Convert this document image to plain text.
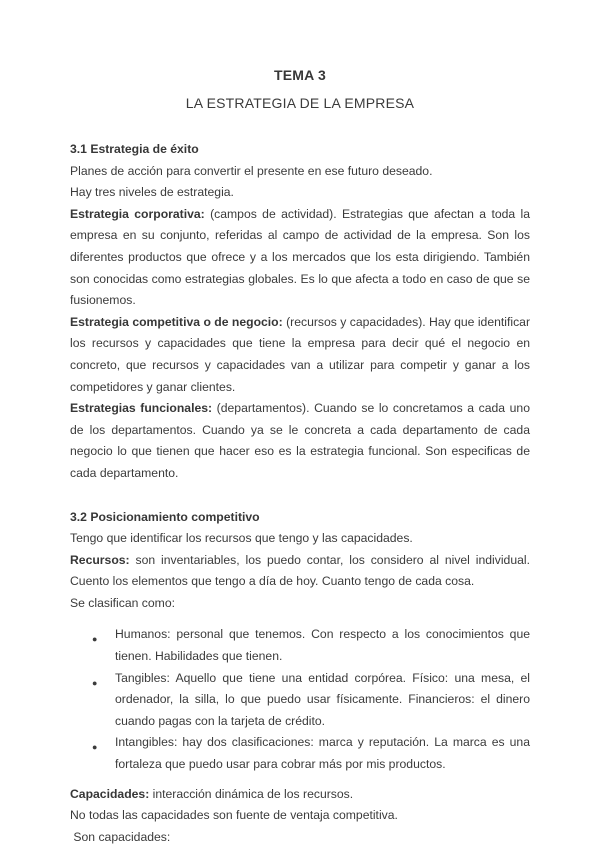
TEMA 3
LA ESTRATEGIA DE LA EMPRESA
3.1 Estrategia de éxito

Planes de acción para convertir el presente en ese futuro deseado.

Hay tres niveles de estrategia.

Estrategia corporativa: (campos de actividad). Estrategias que afectan a toda la empresa en su conjunto, referidas al campo de actividad de la empresa. Son los diferentes productos que ofrece y a los mercados que los esta dirigiendo. También son conocidas como estrategias globales. Es lo que afecta a todo en caso de que se fusionemos.

Estrategia competitiva o de negocio: (recursos y capacidades). Hay que identificar los recursos y capacidades que tiene la empresa para decir qué el negocio en concreto, que recursos y capacidades van a utilizar para competir y ganar a los competidores y ganar clientes.

Estrategias funcionales: (departamentos). Cuando se lo concretamos a cada uno de los departamentos. Cuando ya se le concreta a cada departamento de cada negocio lo que tienen que hacer eso es la estrategia funcional. Son especificas de cada departamento.

3.2 Posicionamiento competitivo

Tengo que identificar los recursos que tengo y las capacidades.

Recursos: son inventariables, los puedo contar, los considero al nivel individual. Cuento los elementos que tengo a día de hoy. Cuanto tengo de cada cosa.

Se clasifican como:

● Humanos: personal que tenemos. Con respecto a los conocimientos que tienen. Habilidades que tienen.
● Tangibles: Aquello que tiene una entidad corpórea. Físico: una mesa, el ordenador, la silla, lo que puedo usar físicamente. Financieros: el dinero cuando pagas con la tarjeta de crédito.
● Intangibles: hay dos clasificaciones: marca y reputación. La marca es una fortaleza que puedo usar para cobrar más por mis productos.

Capacidades: interacción dinámica de los recursos.

No todas las capacidades son fuente de ventaja competitiva.

Son capacidades:
